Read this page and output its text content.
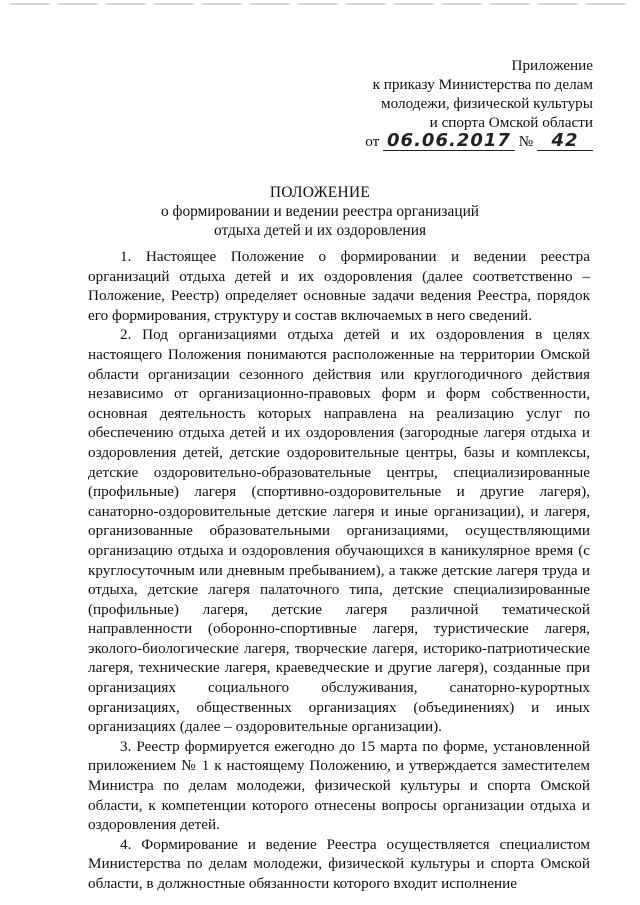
Приложение
к приказу Министерства по делам
молодежи, физической культуры
и спорта Омской области
от
06.06.2017
№
	42
ПОЛОЖЕНИЕ
о формировании и ведении реестра организаций
отдыха детей и их оздоровления

1. Настоящее Положение о формировании и ведении реестра организаций отдыха детей и их оздоровления (далее соответственно – Положение, Реестр) определяет основные задачи ведения Реестра, порядок его формирования, структуру и состав включаемых в него сведений.

2. Под организациями отдыха детей и их оздоровления в целях настоящего Положения понимаются расположенные на территории Омской области организации сезонного действия или круглогодичного действия независимо от организационно-правовых форм и форм собственности, основная деятельность которых направлена на реализацию услуг по обеспечению отдыха детей и их оздоровления (загородные лагеря отдыха и оздоровления детей, детские оздоровительные центры, базы и комплексы, детские оздоровительно-образовательные центры, специализированные (профильные) лагеря (спортивно-оздоровительные и другие лагеря), санаторно-оздоровительные детские лагеря и иные организации), и лагеря, организованные образовательными организациями, осуществляющими организацию отдыха и оздоровления обучающихся в каникулярное время (с круглосуточным или дневным пребыванием), а также детские лагеря труда и отдыха, детские лагеря палаточного типа, детские специализированные (профильные) лагеря, детские лагеря различной тематической направленности (оборонно-спортивные лагеря, туристические лагеря, эколого-биологические лагеря, творческие лагеря, историко-патриотические лагеря, технические лагеря, краеведческие и другие лагеря), созданные при организациях социального обслуживания, санаторно-курортных организациях, общественных организациях (объединениях) и иных организациях (далее – оздоровительные организации).

3. Реестр формируется ежегодно до 15 марта по форме, установленной приложением № 1 к настоящему Положению, и утверждается заместителем Министра по делам молодежи, физической культуры и спорта Омской области, к компетенции которого отнесены вопросы организации отдыха и оздоровления детей.

4. Формирование и ведение Реестра осуществляется специалистом Министерства по делам молодежи, физической культуры и спорта Омской области, в должностные обязанности которого входит исполнение
